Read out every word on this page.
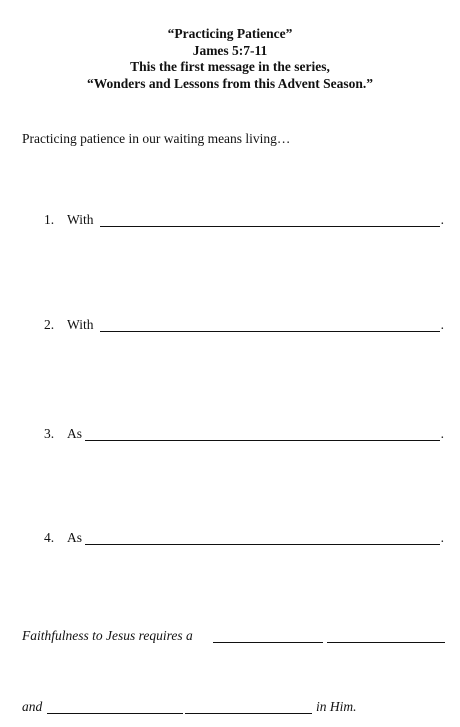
“Practicing Patience”
James 5:7-11
This the first message in the series,
“Wonders and Lessons from this Advent Season.”
Practicing patience in our waiting means living…
1. With	.
2. With	.
3. As	.
4. As	.
Faithfulness to Jesus requires a
and	in Him.
